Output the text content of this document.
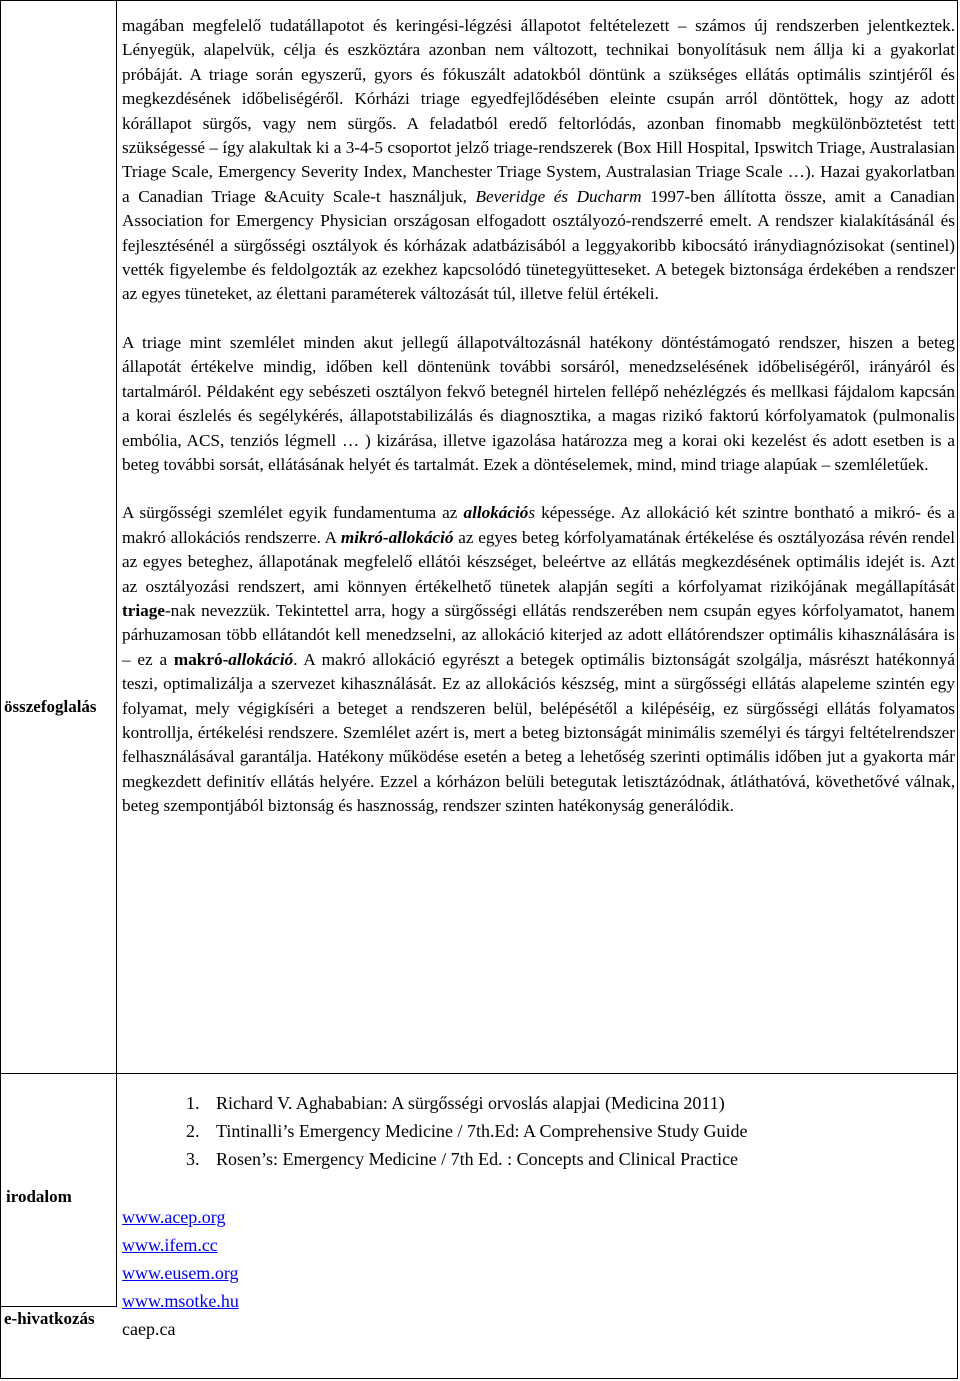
magában megfelelő tudatállapotot és keringési-légzési állapotot feltételezett – számos új rendszerben jelentkeztek. Lényegük, alapelvük, célja és eszköztára azonban nem változott, technikai bonyolításuk nem állja ki a gyakorlat próbáját. A triage során egyszerű, gyors és fókuszált adatokból döntünk a szükséges ellátás optimális szintjéről és megkezdésének időbeliségéről. Kórházi triage egyedfejlődésében eleinte csupán arról döntöttek, hogy az adott kórállapot sürgős, vagy nem sürgős. A feladatból eredő feltorlódás, azonban finomabb megkülönböztetést tett szükségessé – így alakultak ki a 3-4-5 csoportot jelző triage-rendszerek (Box Hill Hospital, Ipswitch Triage, Australasian Triage Scale, Emergency Severity Index, Manchester Triage System, Australasian Triage Scale …). Hazai gyakorlatban a Canadian Triage &Acuity Scale-t használjuk, Beveridge és Ducharm 1997-ben állította össze, amit a Canadian Association for Emergency Physician országosan elfogadott osztályozó-rendszerré emelt. A rendszer kialakításánál és fejlesztésénél a sürgősségi osztályok és kórházak adatbázisából a leggyakoribb kibocsátó iránydiagnózisokat (sentinel) vették figyelembe és feldolgozták az ezekhez kapcsolódó tünetegyütteseket. A betegek biztonsága érdekében a rendszer az egyes tüneteket, az élettani paraméterek változását túl, illetve felül értékeli.

A triage mint szemlélet minden akut jellegű állapotváltozásnál hatékony döntéstámogató rendszer, hiszen a beteg állapotát értékelve mindig, időben kell döntenünk további sorsáról, menedzselésének időbeliségéről, irányáról és tartalmáról. Példaként egy sebészeti osztályon fekvő betegnél hirtelen fellépő nehézlégzés és mellkasi fájdalom kapcsán a korai észlelés és segélykérés, állapotstabilizálás és diagnosztika, a magas rizikó faktorú kórfolyamatok (pulmonalis embólia, ACS, tenziós légmell … ) kizárása, illetve igazolása határozza meg a korai oki kezelést és adott esetben is a beteg további sorsát, ellátásának helyét és tartalmát. Ezek a döntéselemek, mind, mind triage alapúak – szemléletűek.

A sürgősségi szemlélet egyik fundamentuma az allokációs képessége. Az allokáció két szintre bontható a mikró- és a makró allokációs rendszerre. A mikró-allokáció az egyes beteg kórfolyamatának értékelése és osztályozása révén rendel az egyes beteghez, állapotának megfelelő ellátói készséget, beleértve az ellátás megkezdésének optimális idejét is. Azt az osztályozási rendszert, ami könnyen értékelhető tünetek alapján segíti a kórfolyamat rizikójának megállapítását triage-nak nevezzük. Tekintettel arra, hogy a sürgősségi ellátás rendszerében nem csupán egyes kórfolyamatot, hanem párhuzamosan több ellátandót kell menedzselni, az allokáció kiterjed az adott ellátórendszer optimális kihasználására is – ez a makró-allokáció. A makró allokáció egyrészt a betegek optimális biztonságát szolgálja, másrészt hatékonnyá teszi, optimalizálja a szervezet kihasználását. Ez az allokációs készség, mint a sürgősségi ellátás alapeleme szintén egy folyamat, mely végigkíséri a beteget a rendszeren belül, belépésétől a kilépéséig, ez sürgősségi ellátás folyamatos kontrollja, értékelési rendszere. Szemlélet azért is, mert a beteg biztonságát minimális személyi és tárgyi feltételrendszer felhasználásával garantálja. Hatékony működése esetén a beteg a lehetőség szerinti optimális időben jut a gyakorta már megkezdett definitív ellátás helyére. Ezzel a kórházon belüli betegutak letisztázódnak, átláthatóvá, követhetővé válnak, beteg szempontjából biztonság és hasznosság, rendszer szinten hatékonyság generálódik.

összefoglalás
irodalom
e-hivatkozás
1. Richard V. Aghababian: A sürgősségi orvoslás alapjai (Medicina 2011)
2. Tintinalli’s Emergency Medicine / 7th.Ed: A Comprehensive Study Guide
3. Rosen’s: Emergency Medicine / 7th Ed. : Concepts and Clinical Practice
www.acep.org
www.ifem.cc
www.eusem.org
www.msotke.hu
caep.ca
